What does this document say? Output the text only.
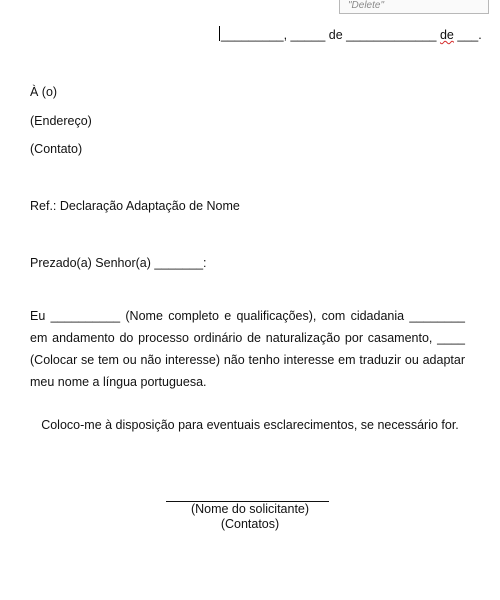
"Delete"
_________, _____ de _____________ de ___.
À (o)
(Endereço)
(Contato)
Ref.: Declaração Adaptação de Nome
Prezado(a) Senhor(a) _______:
Eu __________ (Nome completo e qualificações), com cidadania ________ em andamento do processo ordinário de naturalização por casamento, ____ (Colocar se tem ou não interesse) não tenho interesse em traduzir ou adaptar meu nome a língua portuguesa.
Coloco-me à disposição para eventuais esclarecimentos, se necessário for.
(Nome do solicitante)
(Contatos)
